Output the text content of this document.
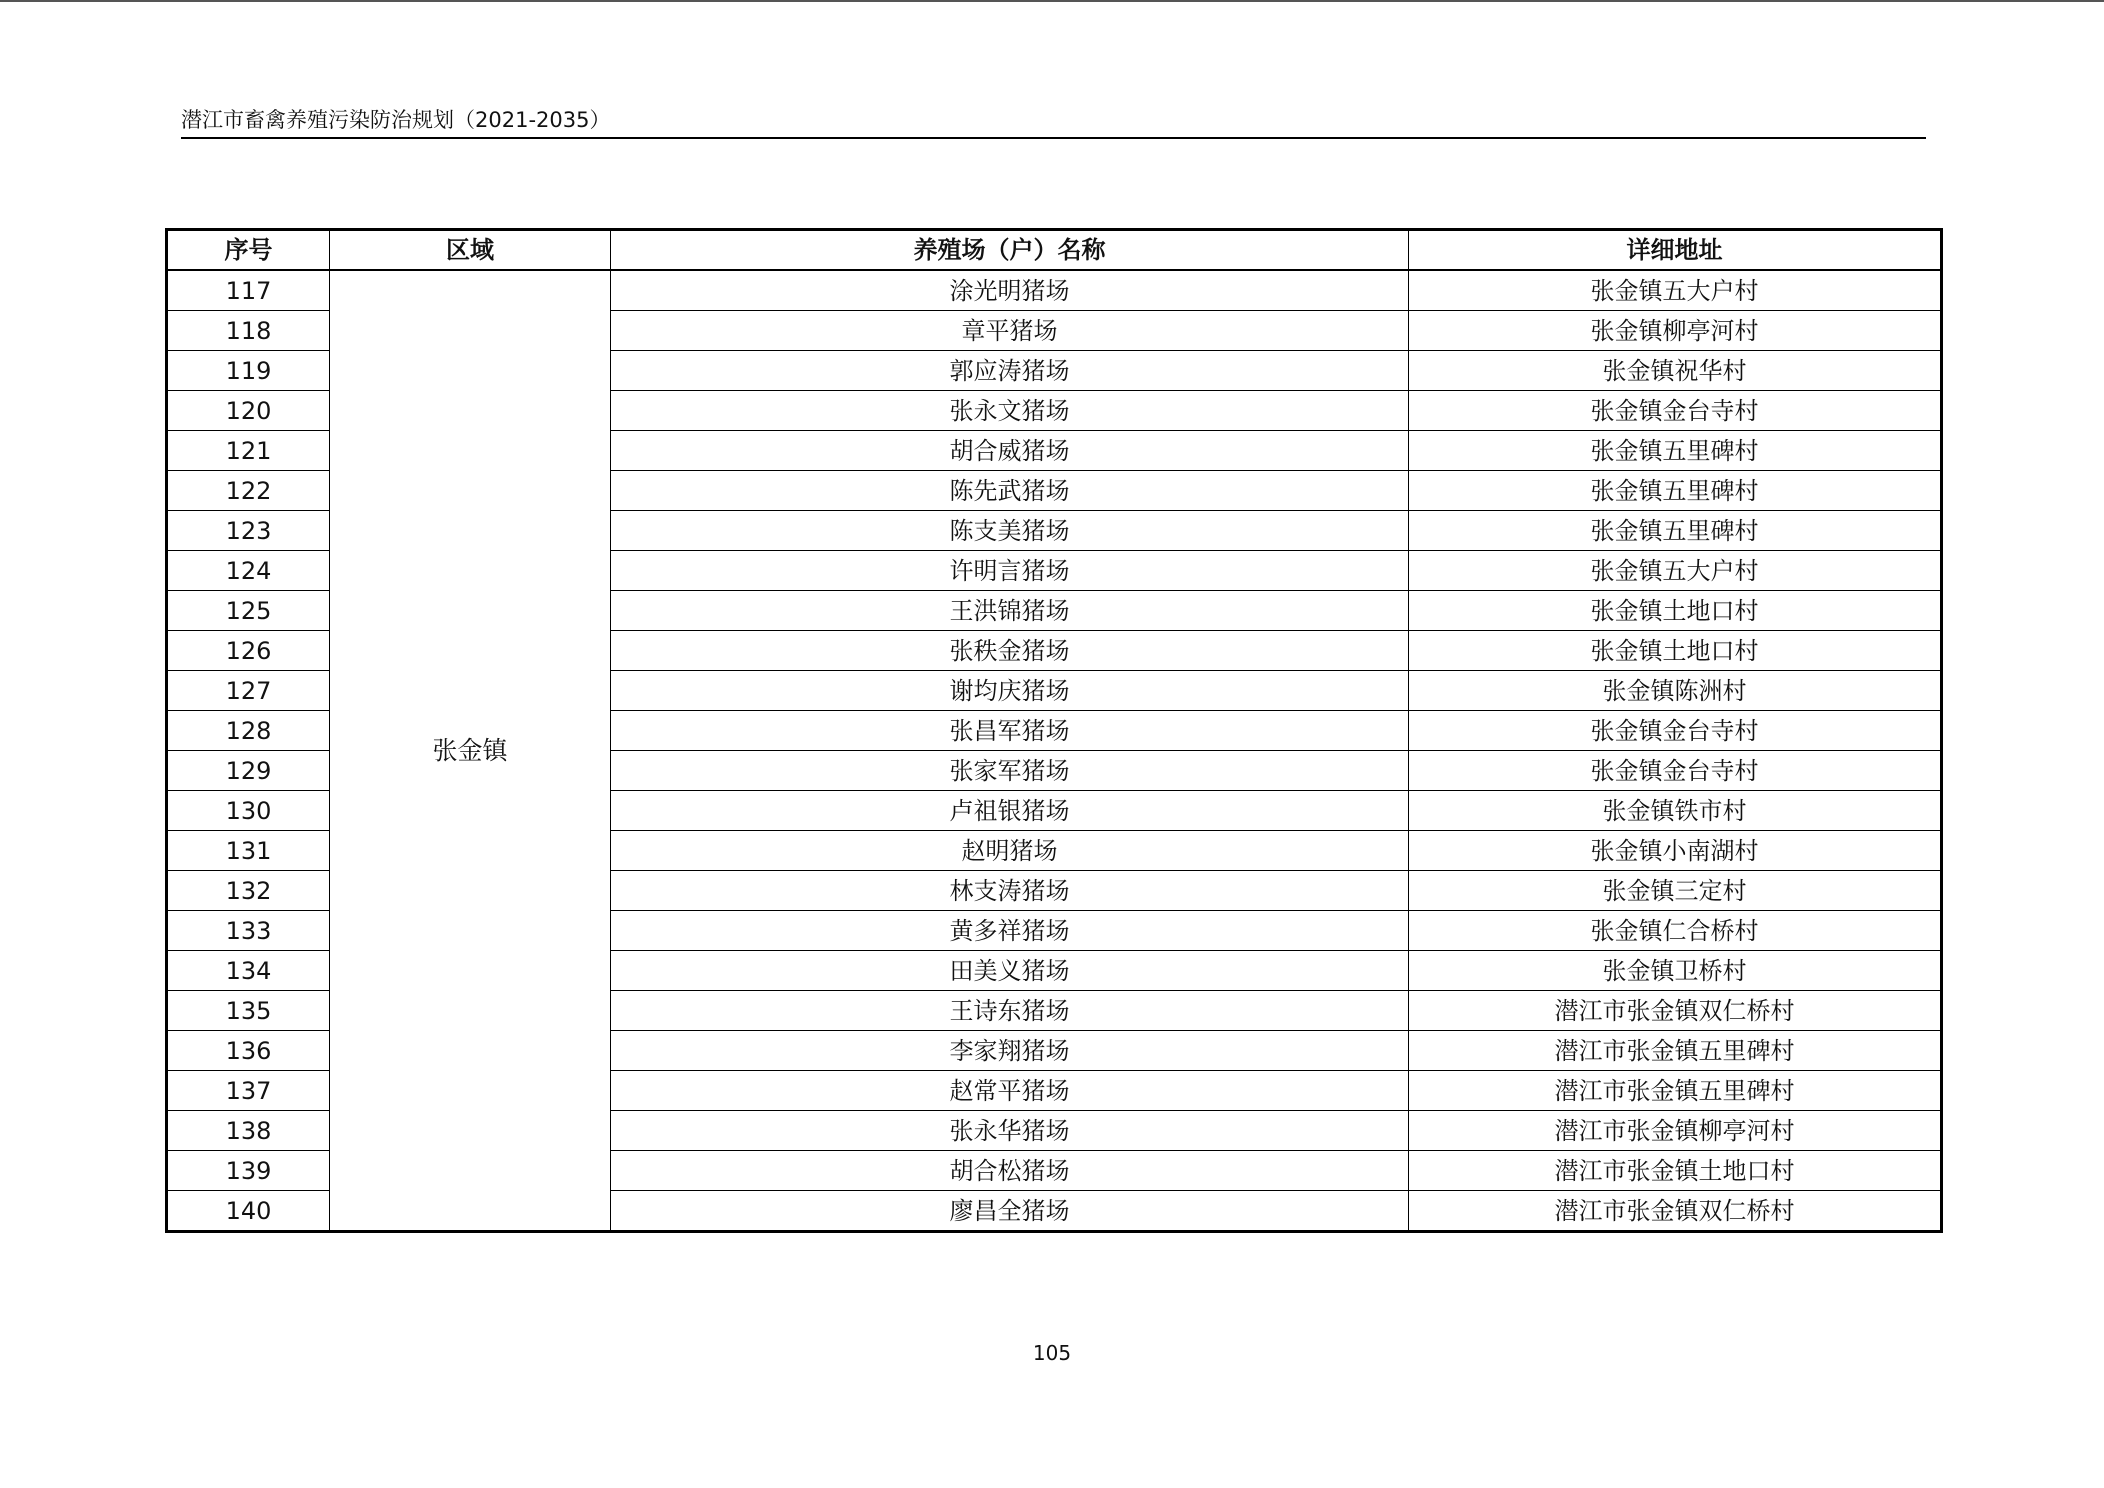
潜江市畜禽养殖污染防治规划（2021-2035）
序号	区域	养殖场（户）名称	详细地址
117	张金镇	涂光明猪场	张金镇五大户村
118		章平猪场	张金镇柳亭河村
119		郭应涛猪场	张金镇祝华村
120		张永文猪场	张金镇金台寺村
121		胡合威猪场	张金镇五里碑村
122		陈先武猪场	张金镇五里碑村
123		陈支美猪场	张金镇五里碑村
124		许明言猪场	张金镇五大户村
125		王洪锦猪场	张金镇土地口村
126		张秩金猪场	张金镇土地口村
127		谢均庆猪场	张金镇陈洲村
128		张昌军猪场	张金镇金台寺村
129		张家军猪场	张金镇金台寺村
130		卢祖银猪场	张金镇铁市村
131		赵明猪场	张金镇小南湖村
132		林支涛猪场	张金镇三定村
133		黄多祥猪场	张金镇仁合桥村
134		田美义猪场	张金镇卫桥村
135		王诗东猪场	潜江市张金镇双仁桥村
136		李家翔猪场	潜江市张金镇五里碑村
137		赵常平猪场	潜江市张金镇五里碑村
138		张永华猪场	潜江市张金镇柳亭河村
139		胡合松猪场	潜江市张金镇土地口村
140		廖昌全猪场	潜江市张金镇双仁桥村
105
